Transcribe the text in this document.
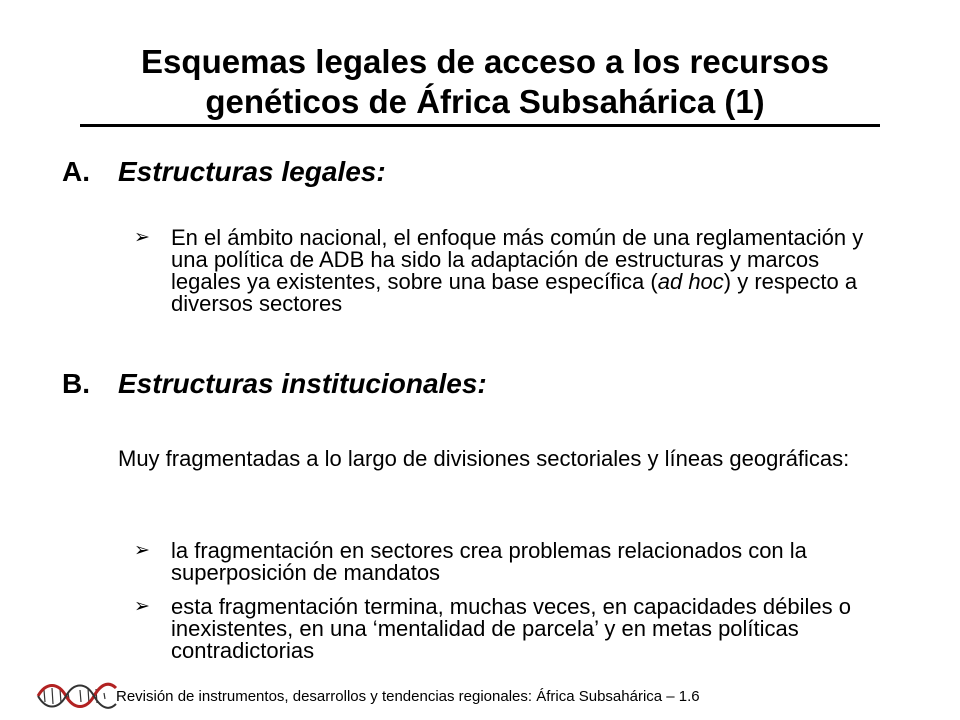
Esquemas legales de acceso a los recursos genéticos de África Subsahárica (1)
A. Estructuras legales:
➢ En el ámbito nacional, el enfoque más común de una reglamentación y una política de ADB ha sido la adaptación de estructuras y marcos legales ya existentes, sobre una base específica (ad hoc) y respecto a diversos sectores
B. Estructuras institucionales:

Muy fragmentadas a lo largo de divisiones sectoriales y líneas geográficas:

➢ la fragmentación en sectores crea problemas relacionados con la superposición de mandatos
➢ esta fragmentación termina, muchas veces, en capacidades débiles o inexistentes, en una ‘mentalidad de parcela’ y en metas políticas contradictorias
Revisión de instrumentos, desarrollos y tendencias regionales: África Subsahárica – 1.6
